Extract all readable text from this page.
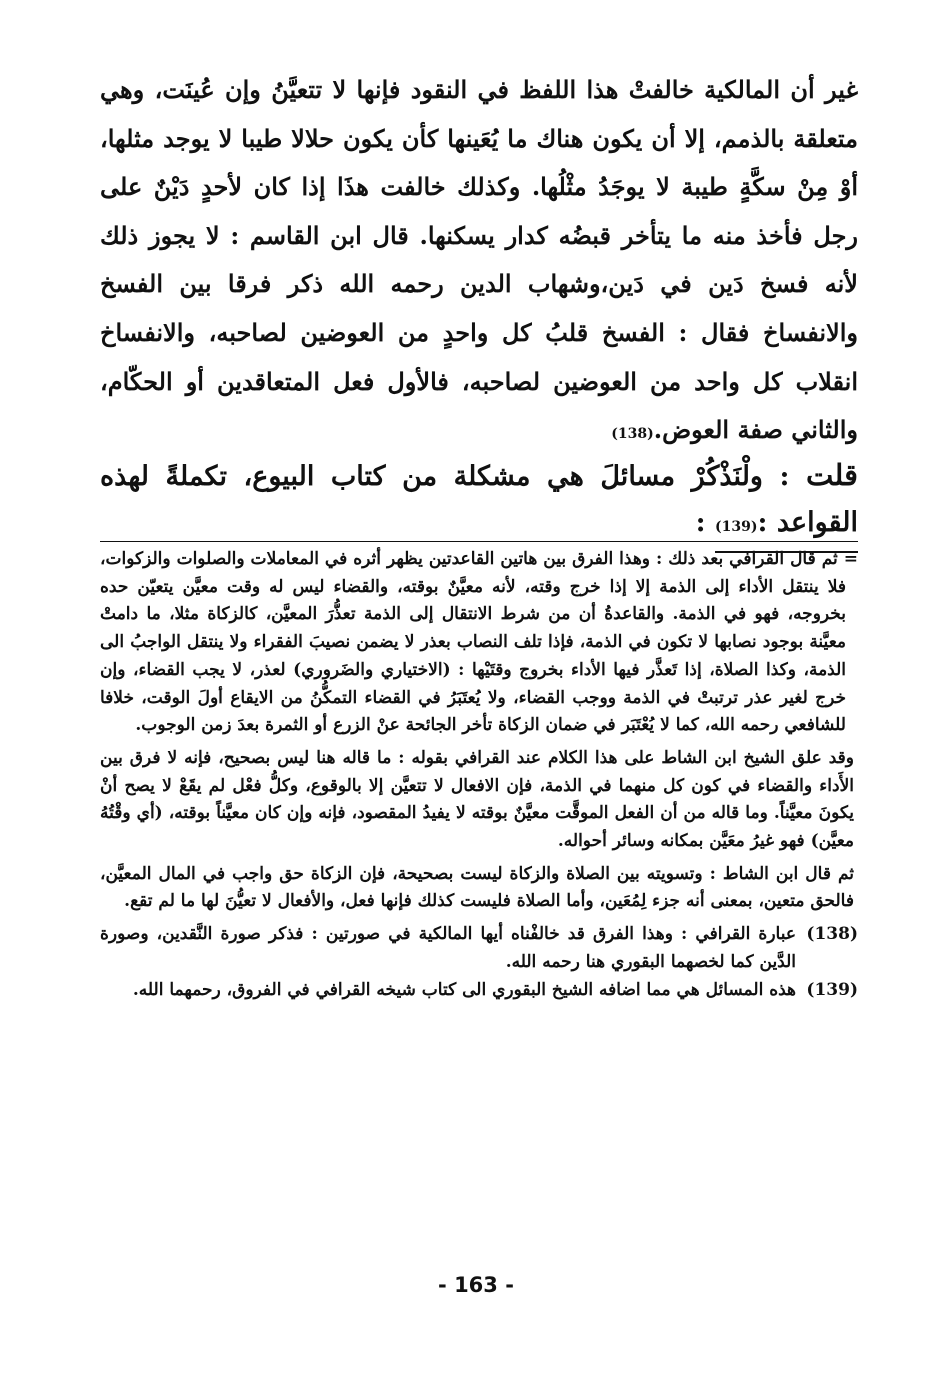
غير أن المالكية خالفتْ هذا اللفظ في النقود فإنها لا تتعيَّنُ وإن عُينَت، وهي متعلقة بالذمم، إلا أن يكون هناك ما يُعَينها كأن يكون حلالا طيبا لا يوجد مثلها، أوْ مِنْ سكَّةٍ طيبة لا يوجَدُ مثْلُها. وكذلك خالفت هذَا إذا كان لأحدٍ دَيْنٌ على رجل فأخذ منه ما يتأخر قبضُه كدار يسكنها. قال ابن القاسم : لا يجوز ذلك لأنه فسخ دَين في دَين،وشهاب الدين رحمه الله ذكر فرقا بين الفسخ والانفساخ فقال : الفسخ قلبُ كل واحدٍ من العوضين لصاحبه، والانفساخ انقلاب كل واحد من العوضين لصاحبه، فالأول فعل المتعاقدين أو الحكّام، والثاني صفة العوض.(138)

قلت : ولْنَذْكُرْ مسائلَ هي مشكلة من كتاب البيوع، تكملةً لهذه القواعد :(139) :

= ثم قال القرافي بعد ذلك : وهذا الفرق بين هاتين القاعدتين يظهر أثره في المعاملات والصلوات والزكوات، فلا ينتقل الأداء إلى الذمة إلا إذا خرج وقته، لأنه معيَّنٌ بوقته، والقضاء ليس له وقت معيَّن يتعيّن حده بخروجه، فهو في الذمة. والقاعدةُ أن من شرط الانتقال إلى الذمة تعذُّرَ المعيَّن، كالزكاة مثلا، ما دامتْ معيَّنة بوجود نصابها لا تكون في الذمة، فإذا تلف النصاب بعذر لا يضمن نصيبَ الفقراء ولا ينتقل الواجبُ الى الذمة، وكذا الصلاة، إذا تَعذَّر فيها الأداء بخروج وقتَيْها : (الاختياري والضَروري) لعذر، لا يجب القضاء، وإن خرج لغير عذر ترتبتْ في الذمة ووجب القضاء، ولا يُعتَبَرُ في القضاء التمكُّنُ من الايقاع أولَ الوقت، خلافا للشافعي رحمه الله، كما لا يُعْتَبَر في ضمان الزكاة تأخر الجائحة عنْ الزرع أو الثمرة بعدَ زمن الوجوب.

وقد علق الشيخ ابن الشاط على هذا الكلام عند القرافي بقوله : ما قاله هنا ليس بصحيح، فإنه لا فرق بين الأَداء والقضاء في كون كل منهما في الذمة، فإن الافعال لا تتعيَّن إلا بالوقوع، وكلُّ فعْل لم يقَعْ لا يصح أنْ يكونَ معيَّناً. وما قاله من أن الفعل الموقَّت معيَّنٌ بوقته لا يفيدُ المقصود، فإنه وإن كان معيَّناً بوقته، (أي وقْتُهُ معيَّن) فهو غيرُ معَيَّن بمكانه وسائر أحواله.

ثم قال ابن الشاط : وتسويته بين الصلاة والزكاة ليست بصحيحة، فإن الزكاة حق واجب في المال المعيَّن، فالحق متعين، بمعنى أنه جزء لِمُعَين، وأما الصلاة فليست كذلك فإنها فعل، والأفعال لا تعيُّنَ لها ما لم تقع.

(138)

عبارة القرافي : وهذا الفرق قد خالفْناه أيها المالكية في صورتين : فذكر صورة النَّقدين، وصورة الدَّين كما لخصهما البقوري هنا رحمه الله.

(139)

هذه المسائل هي مما اضافه الشيخ البقوري الى كتاب شيخه القرافي في الفروق، رحمهما الله.

- 163 -
